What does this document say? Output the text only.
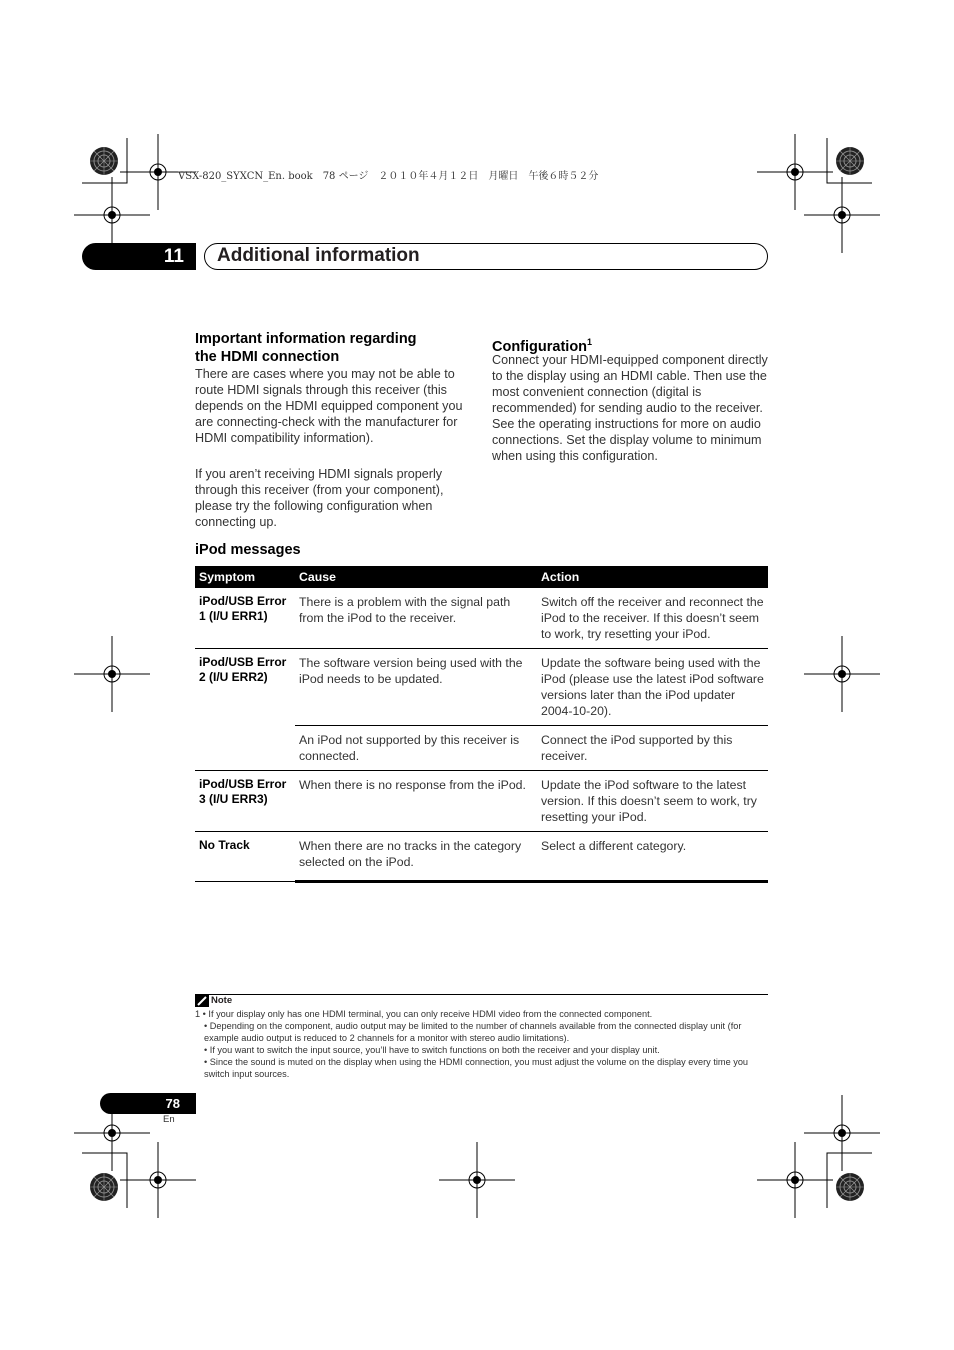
VSX-820_SYXCN_En. book　78 ページ　２０１０年４月１２日　月曜日　午後６時５２分
11	Additional information
Important information regarding
the HDMI connection

There are cases where you may not be able to route HDMI signals through this receiver (this depends on the HDMI equipped component you are connecting-check with the manufacturer for HDMI compatibility information).

If you aren’t receiving HDMI signals properly through this receiver (from your component), please try the following configuration when connecting up.

Configuration$^1$

Connect your HDMI-equipped component directly to the display using an HDMI cable. Then use the most convenient connection (digital is recommended) for sending audio to the receiver. See the operating instructions for more on audio connections. Set the display volume to minimum when using this configuration.

iPod messages
Symptom	Cause	Action
iPod/USB Error 1 (I/U ERR1)	There is a problem with the signal path from the iPod to the receiver.	Switch off the receiver and reconnect the iPod to the receiver. If this doesn’t seem to work, try resetting your iPod.
iPod/USB Error 2 (I/U ERR2)	The software version being used with the iPod needs to be updated.	Update the software being used with the iPod (please use the latest iPod software versions later than the iPod updater 2004-10-20).
	An iPod not supported by this receiver is connected.	Connect the iPod supported by this receiver.
iPod/USB Error 3 (I/U ERR3)	When there is no response from the iPod.	Update the iPod software to the latest version. If this doesn’t seem to work, try resetting your iPod.
No Track	When there are no tracks in the category selected on the iPod.	Select a different category.
Note
1 • If your display only has one HDMI terminal, you can only receive HDMI video from the connected component.
• Depending on the component, audio output may be limited to the number of channels available from the connected display unit (for example audio output is reduced to 2 channels for a monitor with stereo audio limitations).
• If you want to switch the input source, you’ll have to switch functions on both the receiver and your display unit.
• Since the sound is muted on the display when using the HDMI connection, you must adjust the volume on the display every time you switch input sources.
78
En
